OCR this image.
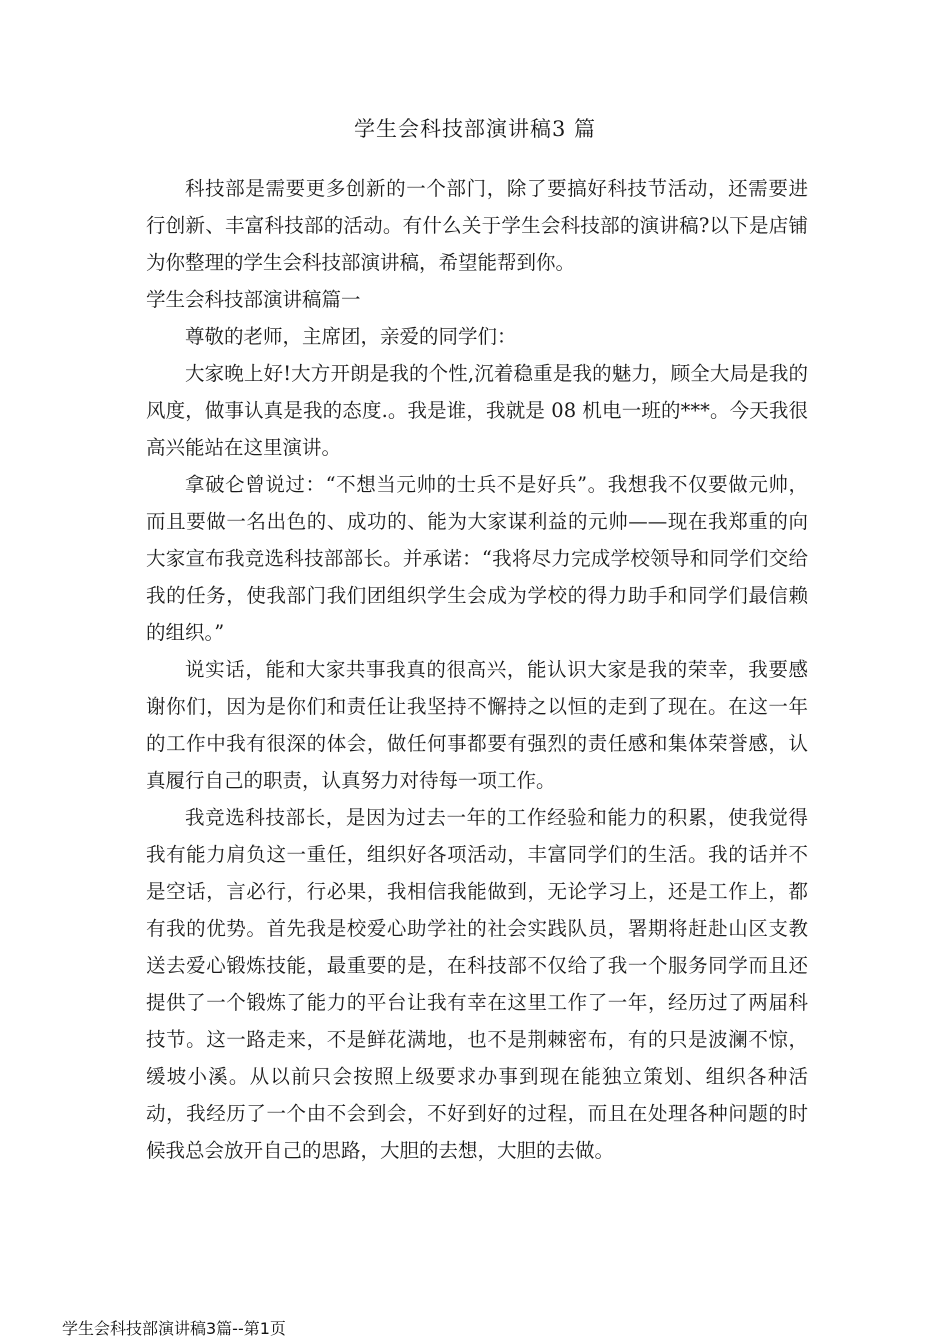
学生会科技部演讲稿3 篇

科技部是需要更多创新的一个部门，除了要搞好科技节活动，还需要进行创新、丰富科技部的活动。有什么关于学生会科技部的演讲稿?以下是店铺为你整理的学生会科技部演讲稿，希望能帮到你。

学生会科技部演讲稿篇一

尊敬的老师，主席团，亲爱的同学们：

大家晚上好!大方开朗是我的个性,沉着稳重是我的魅力，顾全大局是我的风度，做事认真是我的态度.。我是谁，我就是 08 机电一班的***。今天我很高兴能站在这里演讲。

拿破仑曾说过：“不想当元帅的士兵不是好兵”。我想我不仅要做元帅，而且要做一名出色的、成功的、能为大家谋利益的元帅——现在我郑重的向大家宣布我竞选科技部部长。并承诺：“我将尽力完成学校领导和同学们交给我的任务，使我部门我们团组织学生会成为学校的得力助手和同学们最信赖的组织。”

说实话，能和大家共事我真的很高兴，能认识大家是我的荣幸，我要感谢你们，因为是你们和责任让我坚持不懈持之以恒的走到了现在。在这一年的工作中我有很深的体会，做任何事都要有强烈的责任感和集体荣誉感，认真履行自己的职责，认真努力对待每一项工作。

我竞选科技部长，是因为过去一年的工作经验和能力的积累，使我觉得我有能力肩负这一重任，组织好各项活动，丰富同学们的生活。我的话并不是空话，言必行，行必果，我相信我能做到，无论学习上，还是工作上，都有我的优势。首先我是校爱心助学社的社会实践队员，署期将赶赴山区支教送去爱心锻炼技能，最重要的是，在科技部不仅给了我一个服务同学而且还提供了一个锻炼了能力的平台让我有幸在这里工作了一年，经历过了两届科技节。这一路走来，不是鲜花满地，也不是荆棘密布，有的只是波澜不惊，缓坡小溪。从以前只会按照上级要求办事到现在能独立策划、组织各种活动，我经历了一个由不会到会，不好到好的过程，而且在处理各种问题的时候我总会放开自己的思路，大胆的去想，大胆的去做。

学生会科技部演讲稿3篇--第1页
